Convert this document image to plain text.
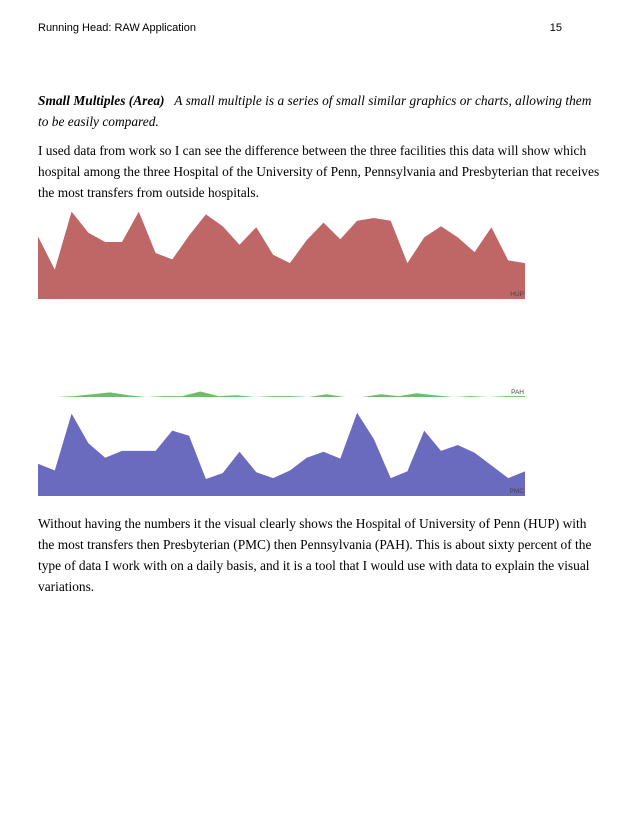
Running Head: RAW Application	15
Small Multiples (Area) A small multiple is a series of small similar graphics or charts, allowing them to be easily compared.
I used data from work so I can see the difference between the three facilities this data will show which hospital among the three Hospital of the University of Penn, Pennsylvania and Presbyterian that receives the most transfers from outside hospitals.
HUP
PAH
PMC
Without having the numbers it the visual clearly shows the Hospital of University of Penn (HUP) with the most transfers then Presbyterian (PMC) then Pennsylvania (PAH). This is about sixty percent of the type of data I work with on a daily basis, and it is a tool that I would use with data to explain the visual variations.
